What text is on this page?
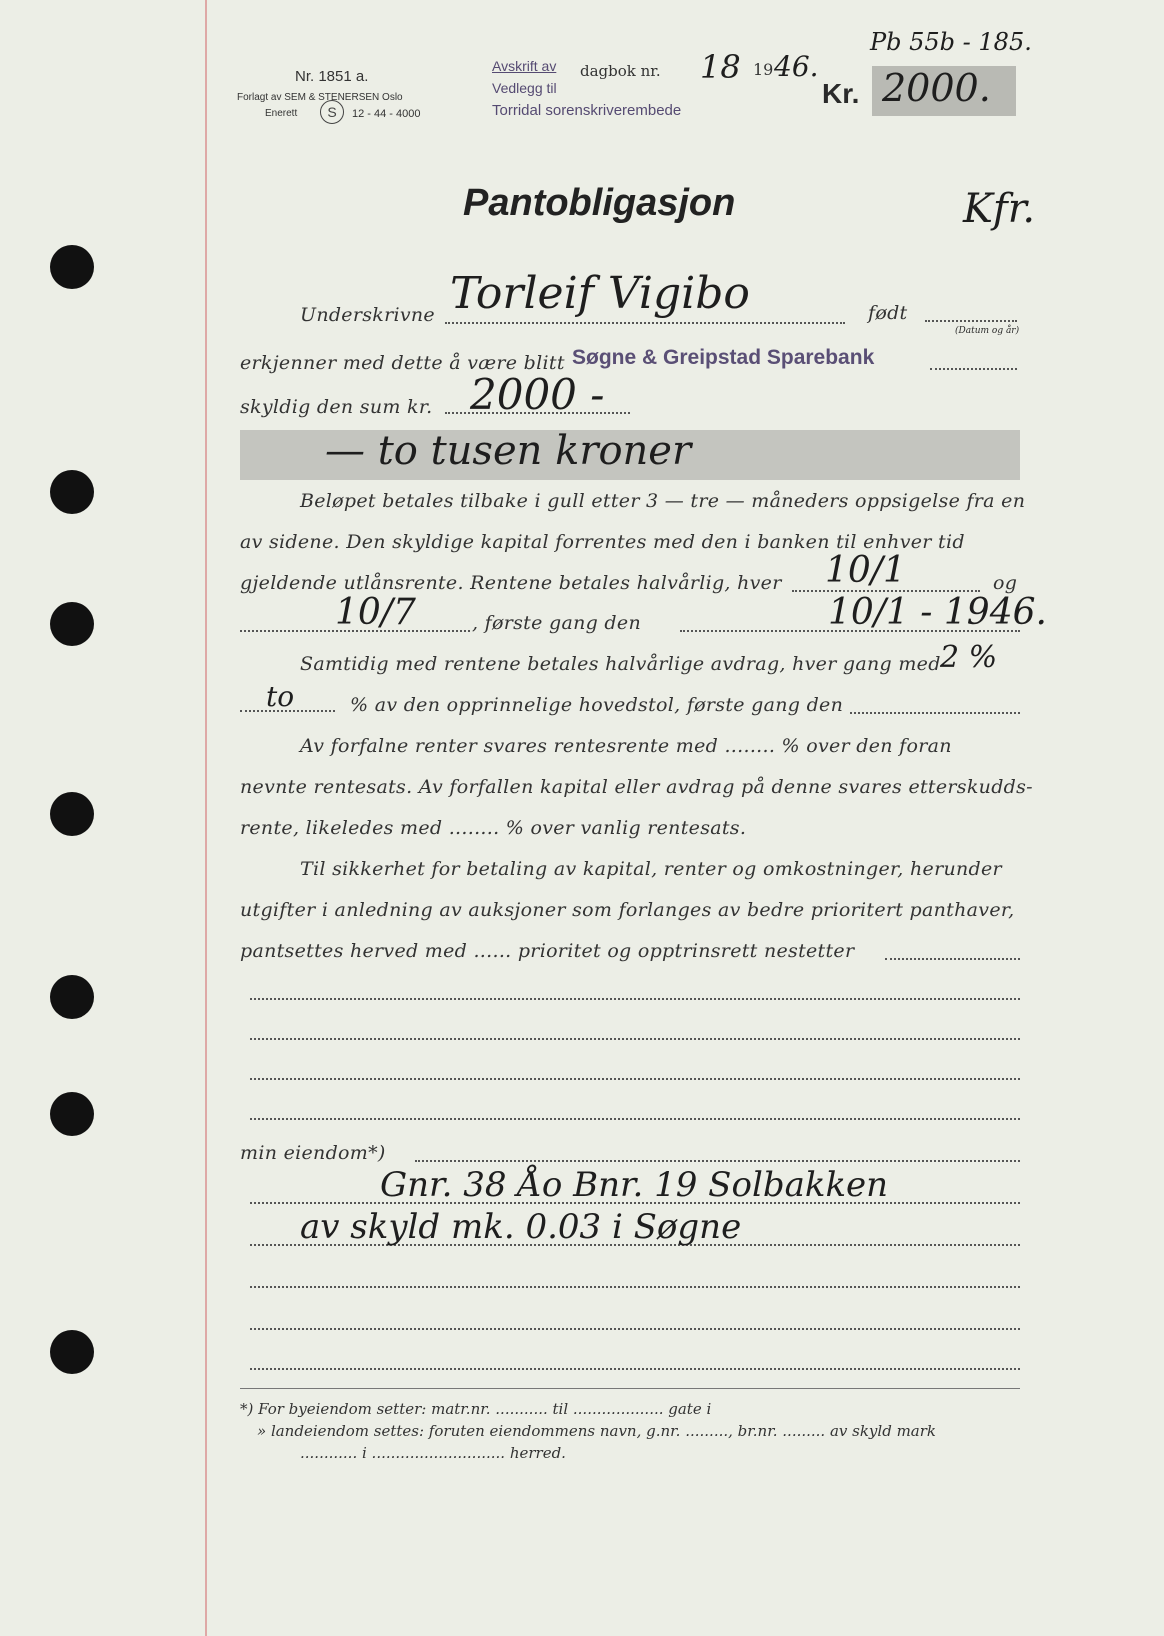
Nr. 1851 a.
Forlagt av SEM & STENERSEN Oslo
Enerett	S	12 - 44 - 4000
Avskrift av
Vedlegg til
Torridal sorenskriverembede
dagbok nr. 18 19 46.
Pb 55b - 185.
Kr. 2000.
Pantobligasjon	Kfr.
Underskrivne Torleif Vigibo	født
(Datum og år)
erkjenner med dette å være blitt Søgne & Greipstad Sparebank
skyldig den sum kr. 2000 -
— to tusen kroner
Beløpet betales tilbake i gull etter 3 — tre — måneders oppsigelse fra en
av sidene. Den skyldige kapital forrentes med den i banken til enhver tid
gjeldende utlånsrente. Rentene betales halvårlig, hver 10/1	og
10/7	, første gang den	10/1 - 1946.
Samtidig med rentene betales halvårlige avdrag, hver gang med 2 %
to	% av den opprinnelige hovedstol, første gang den
Av forfalne renter svares rentesrente med ........ % over den foran
nevnte rentesats. Av forfallen kapital eller avdrag på denne svares etterskudds-
rente, likeledes med ........ % over vanlig rentesats.
Til sikkerhet for betaling av kapital, renter og omkostninger, herunder
utgifter i anledning av auksjoner som forlanges av bedre prioritert panthaver,
pantsettes herved med ...... prioritet og opptrinsrett nestetter
min eiendom*)
Gnr. 38 Åo Bnr. 19 Solbakken
av skyld mk. 0.03 i Søgne
*) For byeiendom setter: matr.nr. ........... til ................... gate i
» landeiendom settes: foruten eiendommens navn, g.nr. ........., br.nr. ......... av skyld mark
............ i ............................ herred.
